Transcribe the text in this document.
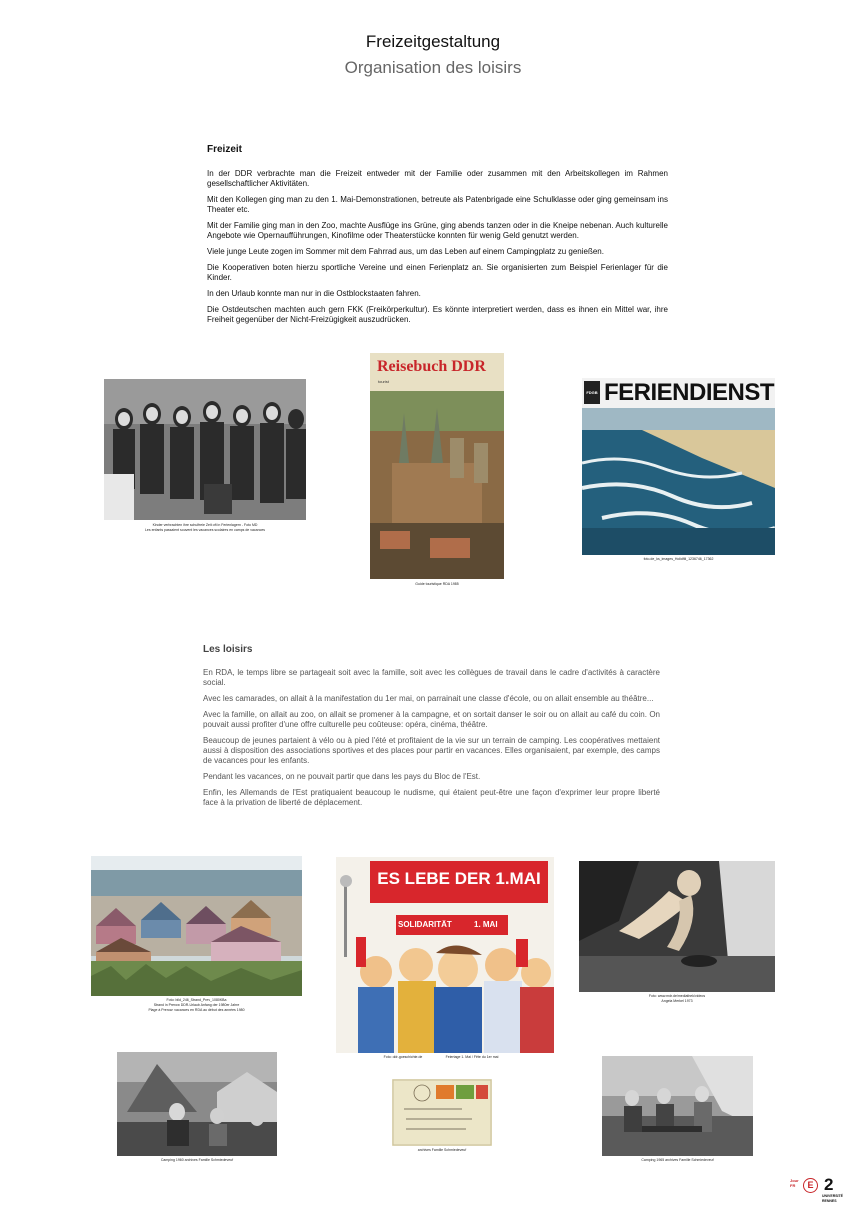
Freizeitgestaltung
Organisation des loisirs
Freizeit

In der DDR verbrachte man die Freizeit entweder mit der Familie oder zusammen mit den Arbeitskollegen im Rahmen gesellschaftlicher Aktivitäten.

Mit den Kollegen ging man zu den 1. Mai-Demonstrationen, betreute als Patenbrigade eine Schulklasse oder ging gemeinsam ins Theater etc.

Mit der Familie ging man in den Zoo, machte Ausflüge ins Grüne, ging abends tanzen oder in die Kneipe nebenan. Auch kulturelle Angebote wie Opernaufführungen, Kinofilme oder Theaterstücke konnten für wenig Geld genutzt werden.

Viele junge Leute zogen im Sommer mit dem Fahrrad aus, um das Leben auf einem Campingplatz zu genießen.

Die Kooperativen boten hierzu sportliche Vereine und einen Ferienplatz an. Sie organisierten zum Beispiel Ferienlager für die Kinder.

In den Urlaub konnte man nur in die Ostblockstaaten fahren.

Die Ostdeutschen machten auch gern FKK (Freikörperkultur). Es könnte interpretiert werden, dass es ihnen ein Mittel war, ihre Freiheit gegenüber der Nicht-Freizügigkeit auszudrücken.

Kinder verbrachten ihre schulfreie Zeit oft in Ferienlagern - Foto MD
Les enfants passaient souvent les vacances scolaires en camps de vacances
Reisebuch DDR
tourist
Guide touristique RDA 1985
FDGB FERIENDIENST
foto.de_ks_images_Holidfili_1236746_17362
Les loisirs

En RDA, le temps libre se partageait soit avec la famille, soit avec les collègues de travail dans le cadre d'activités à caractère social.

Avec les camarades, on allait à la manifestation du 1er mai, on parrainait une classe d'école, ou on allait ensemble au théâtre...

Avec la famille, on allait au zoo, on allait se promener à la campagne, et on sortait danser le soir ou on allait au café du coin. On pouvait aussi profiter d'une offre culturelle peu coûteuse: opéra, cinéma, théâtre.

Beaucoup de jeunes partaient à vélo ou à pied l'été et profitaient de la vie sur un terrain de camping. Les coopératives mettaient aussi à disposition des associations sportives et des places pour partir en vacances. Elles organisaient, par exemple, des camps de vacances pour les enfants.

Pendant les vacances, on ne pouvait partir que dans les pays du Bloc de l'Est.

Enfin, les Allemands de l'Est pratiquaient beaucoup le nudisme, qui étaient peut-être une façon d'exprimer leur propre liberté face à la privation de liberté de déplacement.

Foto: bild_246_Strand_Prev_1080KBa
Strand in Prerow DDR-Urlaub Anfang der 1980er Jahre
Plage à Prerow: vacances en RDA au début des années 1980
ES LEBE DER 1.MAI
SOLIDARITÄT	1. MAI
Foto: ddr-goeschichte.de	Feiertage 1. Mai / Fête du 1er mai
Foto: www.mdr.de/mediathek/videos
Angela Merkel 1973
Camping 1960 archives Famille Schmiedeveuf
archives Famille Schmiedeveuf
Camping 1965 archives Famille Schmiedeveuf
Jour FR	E 2
UNIVERSITÉ
RENNES
